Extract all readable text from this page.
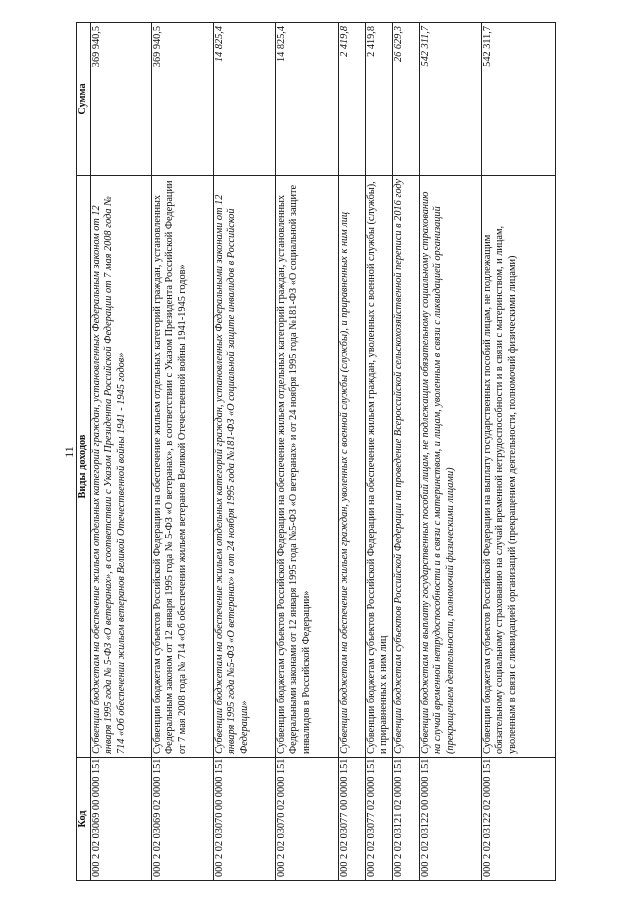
11
Код	Виды доходов	Сумма
000 2 02 03069 00 0000 151	Субвенции бюджетам на обеспечение жильем отдельных категорий граждан, установленных Федеральным законом от 12 января 1995 года № 5-ФЗ «О ветеранах», в соответствии с Указом Президента Российской Федерации от 7 мая 2008 года № 714 «Об обеспечении жильем ветеранов Великой Отечественной войны 1941 - 1945 годов»	369 940,5
000 2 02 03069 02 0000 151	Субвенции бюджетам субъектов Российской Федерации на обеспечение жильем отдельных категорий граждан, установленных Федеральным законом от 12 января 1995 года № 5-ФЗ «О ветеранах», в соответствии с Указом Президента Российской Федерации от 7 мая 2008 года № 714 «Об обеспечении жильем ветеранов Великой Отечественной войны 1941-1945 годов»	369 940,5
000 2 02 03070 00 0000 151	Субвенции бюджетам на обеспечение жильем отдельных категорий граждан, установленных Федеральными законами от 12 января 1995 года №5-ФЗ «О ветеранах» и от 24 ноября 1995 года №181-ФЗ «О социальной защите инвалидов в Российской Федерации»	14 825,4
000 2 02 03070 02 0000 151	Субвенции бюджетам субъектов Российской Федерации на обеспечение жильем отдельных категорий граждан, установленных Федеральными законами от 12 января 1995 года №5-ФЗ «О ветеранах» и от 24 ноября 1995 года №181-ФЗ «О социальной защите инвалидов в Российской Федерации»	14 825,4
000 2 02 03077 00 0000 151	Субвенции бюджетам на обеспечение жильем граждан, уволенных с военной службы (службы), и приравненных к ним лиц	2 419,8
000 2 02 03077 02 0000 151	Субвенции бюджетам субъектов Российской Федерации на обеспечение жильем граждан, уволенных с военной службы (службы), и приравненных к ним лиц	2 419,8
000 2 02 03121 02 0000 151	Субвенции бюджетам субъектов Российской Федерации на проведение Всероссийской сельскохозяйственной переписи в 2016 году	26 629,3
000 2 02 03122 00 0000 151	Субвенции бюджетам на выплату государственных пособий лицам, не подлежащим обязательному социальному страхованию на случай временной нетрудоспособности и в связи с материнством, и лицам, уволенным в связи с ликвидацией организаций (прекращением деятельности, полномочий физическими лицами)	542 311,7
000 2 02 03122 02 0000 151	Субвенции бюджетам субъектов Российской Федерации на выплату государственных пособий лицам, не подлежащим обязательному социальному страхованию на случай временной нетрудоспособности и в связи с материнством, и лицам, уволенным в связи с ликвидацией организаций (прекращением деятельности, полномочий физическими лицами)	542 311,7
